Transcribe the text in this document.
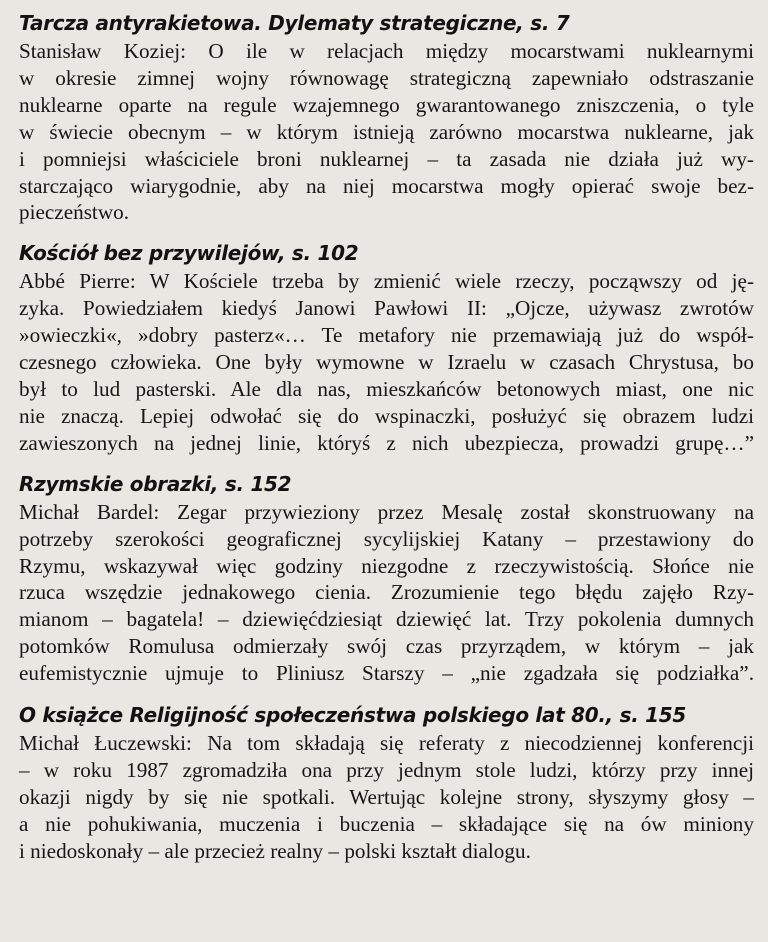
Tarcza antyrakietowa. Dylematy strategiczne, s. 7
Stanisław Koziej: O ile w relacjach między mocarstwami nuklearnymi
w okresie zimnej wojny równowagę strategiczną zapewniało odstraszanie
nuklearne oparte na regule wzajemnego gwarantowanego zniszczenia, o tyle
w świecie obecnym – w którym istnieją zarówno mocarstwa nuklearne, jak
i pomniejsi właściciele broni nuklearnej – ta zasada nie działa już wy-
starczająco wiarygodnie, aby na niej mocarstwa mogły opierać swoje bez-
pieczeństwo.
Kościół bez przywilejów, s. 102
Abbé Pierre: W Kościele trzeba by zmienić wiele rzeczy, począwszy od ję-
zyka. Powiedziałem kiedyś Janowi Pawłowi II: „Ojcze, używasz zwrotów
»owieczki«, »dobry pasterz«… Te metafory nie przemawiają już do współ-
czesnego człowieka. One były wymowne w Izraelu w czasach Chrystusa, bo
był to lud pasterski. Ale dla nas, mieszkańców betonowych miast, one nic
nie znaczą. Lepiej odwołać się do wspinaczki, posłużyć się obrazem ludzi
zawieszonych na jednej linie, któryś z nich ubezpiecza, prowadzi grupę…”
Rzymskie obrazki, s. 152
Michał Bardel: Zegar przywieziony przez Mesalę został skonstruowany na
potrzeby szerokości geograficznej sycylijskiej Katany – przestawiony do
Rzymu, wskazywał więc godziny niezgodne z rzeczywistością. Słońce nie
rzuca wszędzie jednakowego cienia. Zrozumienie tego błędu zajęło Rzy-
mianom – bagatela! – dziewięćdziesiąt dziewięć lat. Trzy pokolenia dumnych
potomków Romulusa odmierzały swój czas przyrządem, w którym – jak
eufemistycznie ujmuje to Pliniusz Starszy – „nie zgadzała się podziałka”.
O książce Religijność społeczeństwa polskiego lat 80., s. 155
Michał Łuczewski: Na tom składają się referaty z niecodziennej konferencji
– w roku 1987 zgromadziła ona przy jednym stole ludzi, którzy przy innej
okazji nigdy by się nie spotkali. Wertując kolejne strony, słyszymy głosy –
a nie pohukiwania, muczenia i buczenia – składające się na ów miniony
i niedoskonały – ale przecież realny – polski kształt dialogu.
